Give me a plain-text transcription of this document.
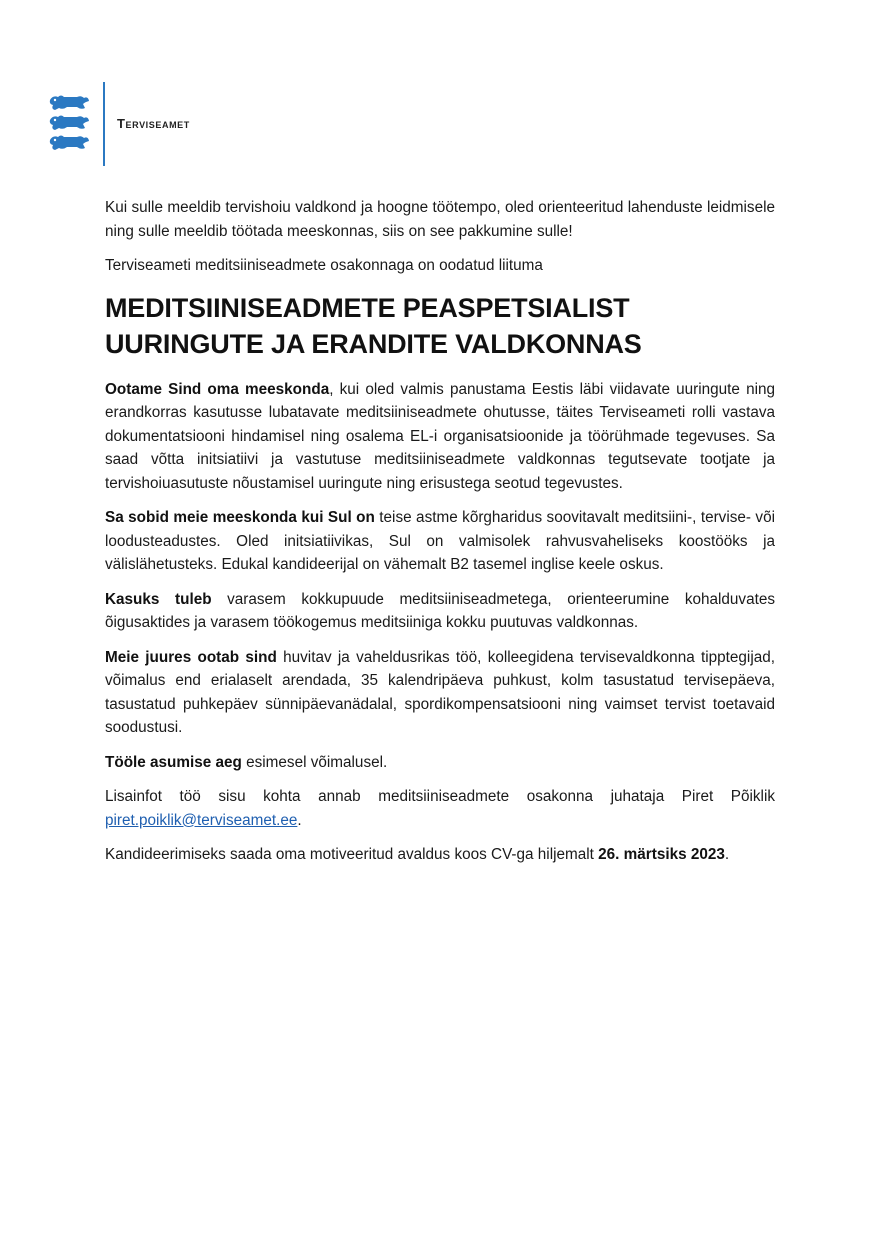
Terviseamet

Kui sulle meeldib tervishoiu valdkond ja hoogne töötempo, oled orienteeritud lahenduste leidmisele ning sulle meeldib töötada meeskonnas, siis on see pakkumine sulle!

Terviseameti meditsiiniseadmete osakonnaga on oodatud liituma

MEDITSIINISEADMETE PEASPETSIALIST
UURINGUTE JA ERANDITE VALDKONNAS

Ootame Sind oma meeskonda, kui oled valmis panustama Eestis läbi viidavate uuringute ning erandkorras kasutusse lubatavate meditsiiniseadmete ohutusse, täites Terviseameti rolli vastava dokumentatsiooni hindamisel ning osalema EL-i organisatsioonide ja töörühmade tegevuses. Sa saad võtta initsiatiivi ja vastutuse meditsiiniseadmete valdkonnas tegutsevate tootjate ja tervishoiuasutuste nõustamisel uuringute ning erisustega seotud tegevustes.

Sa sobid meie meeskonda kui Sul on teise astme kõrgharidus soovitavalt meditsiini-, tervise- või loodusteadustes. Oled initsiatiivikas, Sul on valmisolek rahvusvaheliseks koostööks ja välislähetusteks. Edukal kandideerijal on vähemalt B2 tasemel inglise keele oskus.

Kasuks tuleb varasem kokkupuude meditsiiniseadmetega, orienteerumine kohalduvates õigusaktides ja varasem töökogemus meditsiiniga kokku puutuvas valdkonnas.

Meie juures ootab sind huvitav ja vaheldusrikas töö, kolleegidena tervisevaldkonna tipptegijad, võimalus end erialaselt arendada, 35 kalendripäeva puhkust, kolm tasustatud tervisepäeva, tasustatud puhkepäev sünnipäevanädalal, spordikompensatsiooni ning vaimset tervist toetavaid soodustusi.

Tööle asumise aeg esimesel võimalusel.

Lisainfot töö sisu kohta annab meditsiiniseadmete osakonna juhataja Piret Põiklik piret.poiklik@terviseamet.ee.

Kandideerimiseks saada oma motiveeritud avaldus koos CV-ga hiljemalt 26. märtsiks 2023.
